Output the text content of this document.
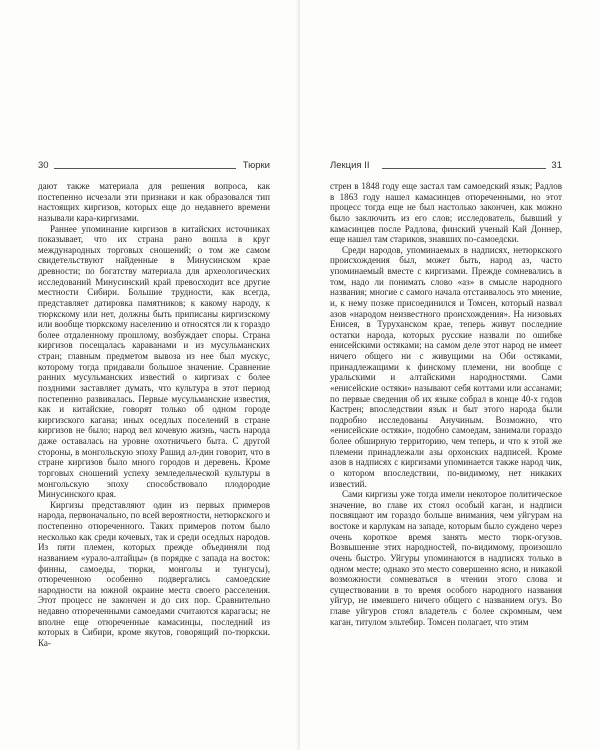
30	Тюрки

дают также материала для решения вопроса, как постепенно исчезали эти признаки и как образовался тип настоящих киргизов, которых еще до недавнего времени называли кара-киргизами.

Раннее упоминание киргизов в китайских источниках показывает, что их страна рано вошла в круг международных торговых сношений; о том же самом свидетельствуют найденные в Минусинском крае древности; по богатству материала для археологических исследований Минусинский край превосходит все другие местности Сибири. Большие трудности, как всегда, представляет датировка памятников; к какому народу, к тюркскому или нет, должны быть приписаны киргизскому или вообще тюркскому населению и относятся ли к гораздо более отдаленному прошлому, возбуждает споры. Страна киргизов посещалась караванами и из мусульманских стран; главным предметом вывоза из нее был мускус, которому тогда придавали большое значение. Сравнение ранних мусульманских известий о киргизах с более поздними заставляет думать, что культура в этот период постепенно развивалась. Первые мусульманские известия, как и китайские, говорят только об одном городе киргизского кагана; иных оседлых поселений в стране киргизов не было; народ вел кочевую жизнь, часть народа даже оставалась на уровне охотничьего быта. С другой стороны, в монгольскую эпоху Рашид ал-дин говорит, что в стране киргизов было много городов и деревень. Кроме торговых сношений успеху земледельческой культуры в монгольскую эпоху способствовало плодородие Минусинского края.

Киргизы представляют один из первых примеров народа, первоначально, по всей вероятности, нетюркского и постепенно отюреченного. Таких примеров потом было несколько как среди кочевых, так и среди оседлых народов. Из пяти племен, которых прежде объединяли под названием «урало-алтайцы» (в порядке с запада на восток: финны, самоеды, тюрки, монголы и тунгусы), отюреченною особенно подвергались самоедские народности на южной окраине места своего расселения. Этот процесс не закончен и до сих пор. Сравнительно недавно отюреченными самоедами считаются карагасы; не вполне еще отюреченные камасинцы, последний из которых в Сибири, кроме якутов, говорящий по-тюркски. Ка-

Лекция II	31

стрен в 1848 году еще застал там самоедский язык; Радлов в 1863 году нашел камасинцев отюреченными, но этот процесс тогда еще не был настолько закончен, как можно было заключить из его слов; исследователь, бывший у камасинцев после Радлова, финский ученый Кай Доннер, еще нашел там стариков, знавших по-самоедски.

Среди народов, упоминаемых в надписях, нетюркского происхождения был, может быть, народ аз, часто упоминаемый вместе с киргизами. Прежде сомневались в том, надо ли понимать слово «аз» в смысле народного названия; многие с самого начала отстаивалось это мнение, и, к нему позже присоединился и Томсен, который назвал азов «народом неизвестного происхождения». На низовьях Енисея, в Туруханском крае, теперь живут последние остатки народа, которых русские назвали по ошибке енисейскими остяками; на самом деле этот народ не имеет ничего общего ни с живущими на Оби остяками, принадлежащими к финскому племени, ни вообще с уральскими и алтайскими народностями. Сами «енисейские остяки» называют себя коттами или ассанами; по первые сведения об их языке собрал в конце 40-х годов Кастрен; впоследствии язык и быт этого народа были подробно исследованы Анучиным. Возможно, что «енисейские остяки», подобно самоедам, занимали гораздо более обширную территорию, чем теперь, и что к этой же племени принадлежали азы орхонских надписей. Кроме азов в надписях с киргизами упоминается также народ чик, о котором впоследствии, по-видимому, нет никаких известий.

Сами киргизы уже тогда имели некоторое политическое значение, во главе их стоял особый каган, и надписи посвящают им гораздо больше внимания, чем уйгурам на востоке и карлукам на западе, которым было суждено через очень короткое время занять место тюрк-огузов. Возвышение этих народностей, по-видимому, произошло очень быстро. Уйгуры упоминаются в надписях только в одном месте; однако это место совершенно ясно, и никакой возможности сомневаться в чтении этого слова и существовании в то время особого народного названия уйгур, не имевшего ничего общего с названием огуз. Во главе уйгуров стоял владетель с более скромным, чем каган, титулом эльтебир. Томсен полагает, что этим
